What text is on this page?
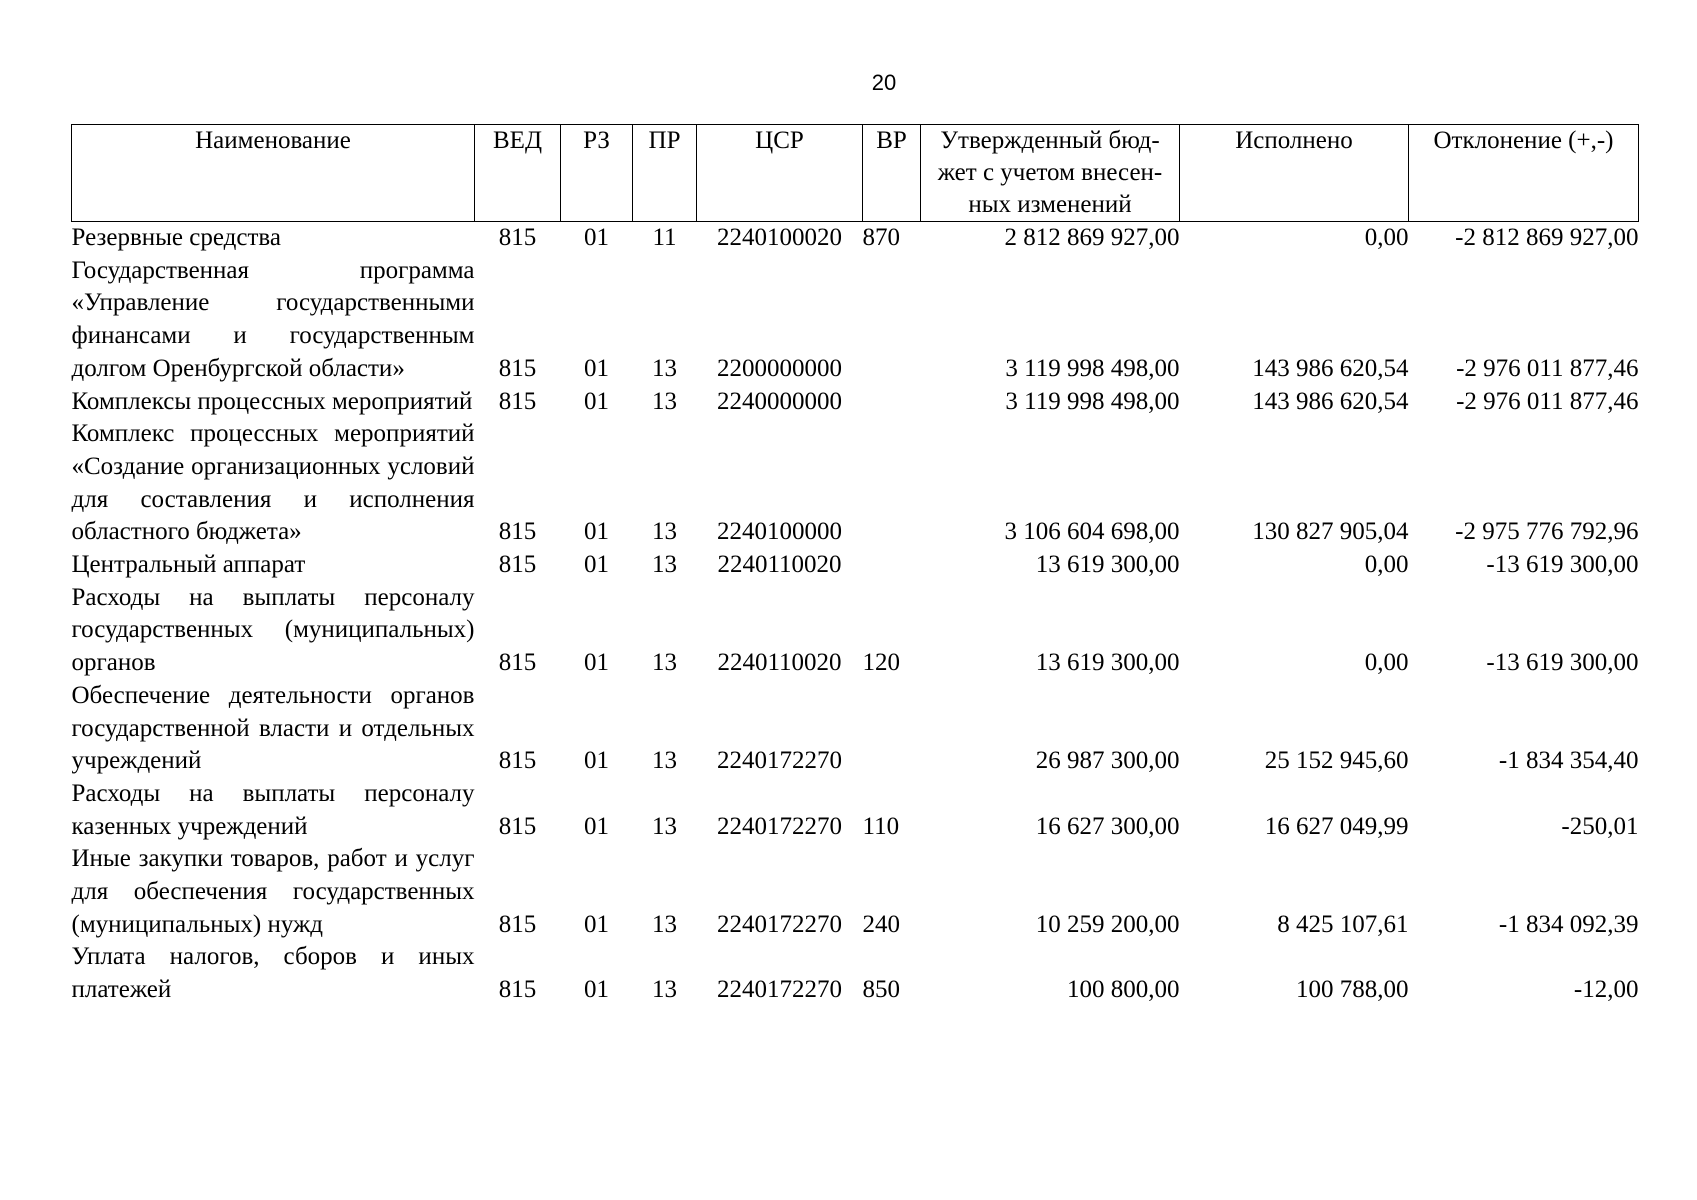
20
Наименование	ВЕД	РЗ	ПР	ЦСР	ВР	Утвержденный бюд-жет с учетом внесен-ных изменений	Исполнено	Отклонение (+,-)
Резервные средства	815	01	11	2240100020	870	2 812 869 927,00	0,00	-2 812 869 927,00
Государственная программа «Управление государственными финансами и государственным долгом Оренбургской области»	815	01	13	2200000000		3 119 998 498,00	143 986 620,54	-2 976 011 877,46
Комплексы процессных мероприятий	815	01	13	2240000000		3 119 998 498,00	143 986 620,54	-2 976 011 877,46
Комплекс процессных мероприятий «Создание организационных условий для составления и исполнения областного бюджета»	815	01	13	2240100000		3 106 604 698,00	130 827 905,04	-2 975 776 792,96
Центральный аппарат	815	01	13	2240110020		13 619 300,00	0,00	-13 619 300,00
Расходы на выплаты персоналу государственных (муниципальных) органов	815	01	13	2240110020	120	13 619 300,00	0,00	-13 619 300,00
Обеспечение деятельности органов государственной власти и отдельных учреждений	815	01	13	2240172270		26 987 300,00	25 152 945,60	-1 834 354,40
Расходы на выплаты персоналу казенных учреждений	815	01	13	2240172270	110	16 627 300,00	16 627 049,99	-250,01
Иные закупки товаров, работ и услуг для обеспечения государственных (муниципальных) нужд	815	01	13	2240172270	240	10 259 200,00	8 425 107,61	-1 834 092,39
Уплата налогов, сборов и иных платежей	815	01	13	2240172270	850	100 800,00	100 788,00	-12,00
